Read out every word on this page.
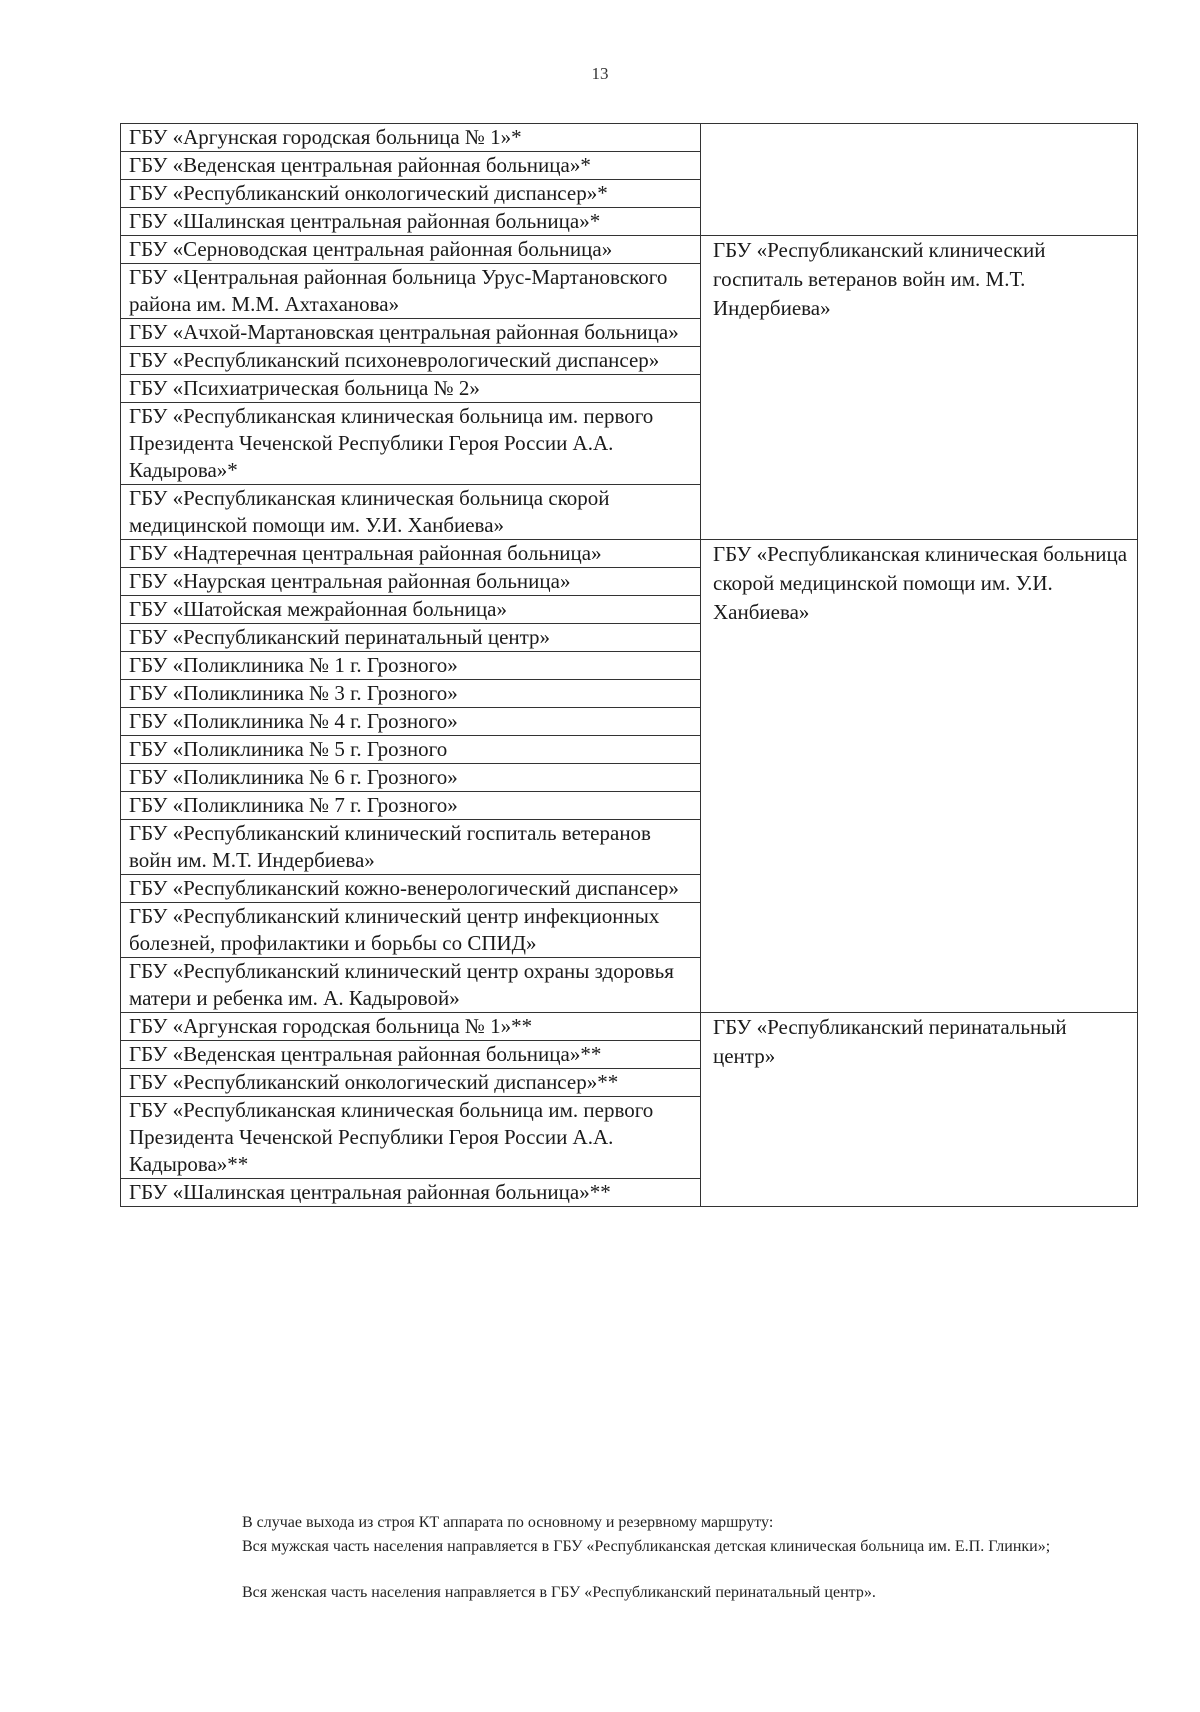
13
ГБУ «Аргунская городская больница № 1»*	
ГБУ «Веденская центральная районная больница»*	
ГБУ «Республиканский онкологический диспансер»*	
ГБУ «Шалинская центральная районная больница»*	
ГБУ «Серноводская центральная районная больница»	ГБУ «Республиканский клинический госпиталь ветеранов войн им. М.Т. Индербиева»
ГБУ «Центральная районная больница Урус-Мартановского района им. М.М. Ахтаханова»	
ГБУ «Ачхой-Мартановская центральная районная больница»	
ГБУ «Республиканский психоневрологический диспансер»	
ГБУ «Психиатрическая больница № 2»	
ГБУ «Республиканская клиническая больница им. первого Президента Чеченской Республики Героя России А.А. Кадырова»*	
ГБУ «Республиканская клиническая больница скорой медицинской помощи им. У.И. Ханбиева»	
ГБУ «Надтеречная центральная районная больница»	ГБУ «Республиканская клиническая больница скорой медицинской помощи им. У.И. Ханбиева»
ГБУ «Наурская центральная районная больница»	
ГБУ «Шатойская межрайонная больница»	
ГБУ «Республиканский перинатальный центр»	
ГБУ «Поликлиника № 1 г. Грозного»	
ГБУ «Поликлиника № 3 г. Грозного»	
ГБУ «Поликлиника № 4 г. Грозного»	
ГБУ «Поликлиника № 5 г. Грозного	
ГБУ «Поликлиника № 6 г. Грозного»	
ГБУ «Поликлиника № 7 г. Грозного»	
ГБУ «Республиканский клинический госпиталь ветеранов войн им. М.Т. Индербиева»	
ГБУ «Республиканский кожно-венерологический диспансер»	
ГБУ «Республиканский клинический центр инфекционных болезней, профилактики и борьбы со СПИД»	
ГБУ «Республиканский клинический центр охраны здоровья матери и ребенка им. А. Кадыровой»	
ГБУ «Аргунская городская больница № 1»**	ГБУ «Республиканский перинатальный центр»
ГБУ «Веденская центральная районная больница»**	
ГБУ «Республиканский онкологический диспансер»**	
ГБУ «Республиканская клиническая больница им. первого Президента Чеченской Республики Героя России А.А. Кадырова»**	
ГБУ «Шалинская центральная районная больница»**	
В случае выхода из строя КТ аппарата по основному и резервному маршруту:
Вся мужская часть населения направляется в ГБУ «Республиканская детская клиническая больница им. Е.П. Глинки»;
Вся женская часть населения направляется в ГБУ «Республиканский перинатальный центр».
